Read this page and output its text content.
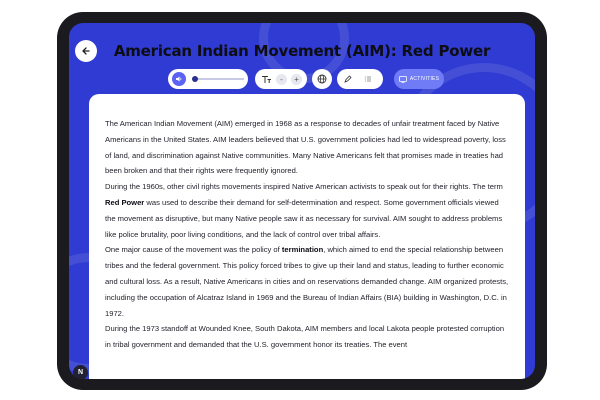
American Indian Movement (AIM): Red Power
-	+	ACTIVITIES

The American Indian Movement (AIM) emerged in 1968 as a response to decades of unfair treatment faced by Native Americans in the United States. AIM leaders believed that U.S. government policies had led to widespread poverty, loss of land, and discrimination against Native communities. Many Native Americans felt that promises made in treaties had been broken and that their rights were frequently ignored.

During the 1960s, other civil rights movements inspired Native American activists to speak out for their rights. The term Red Power was used to describe their demand for self-determination and respect. Some government officials viewed the movement as disruptive, but many Native people saw it as necessary for survival. AIM sought to address problems like police brutality, poor living conditions, and the lack of control over tribal affairs.

One major cause of the movement was the policy of termination, which aimed to end the special relationship between tribes and the federal government. This policy forced tribes to give up their land and status, leading to further economic and cultural loss. As a result, Native Americans in cities and on reservations demanded change. AIM organized protests, including the occupation of Alcatraz Island in 1969 and the Bureau of Indian Affairs (BIA) building in Washington, D.C. in 1972.

During the 1973 standoff at Wounded Knee, South Dakota, AIM members and local Lakota people protested corruption in tribal government and demanded that the U.S. government honor its treaties. The event

N
